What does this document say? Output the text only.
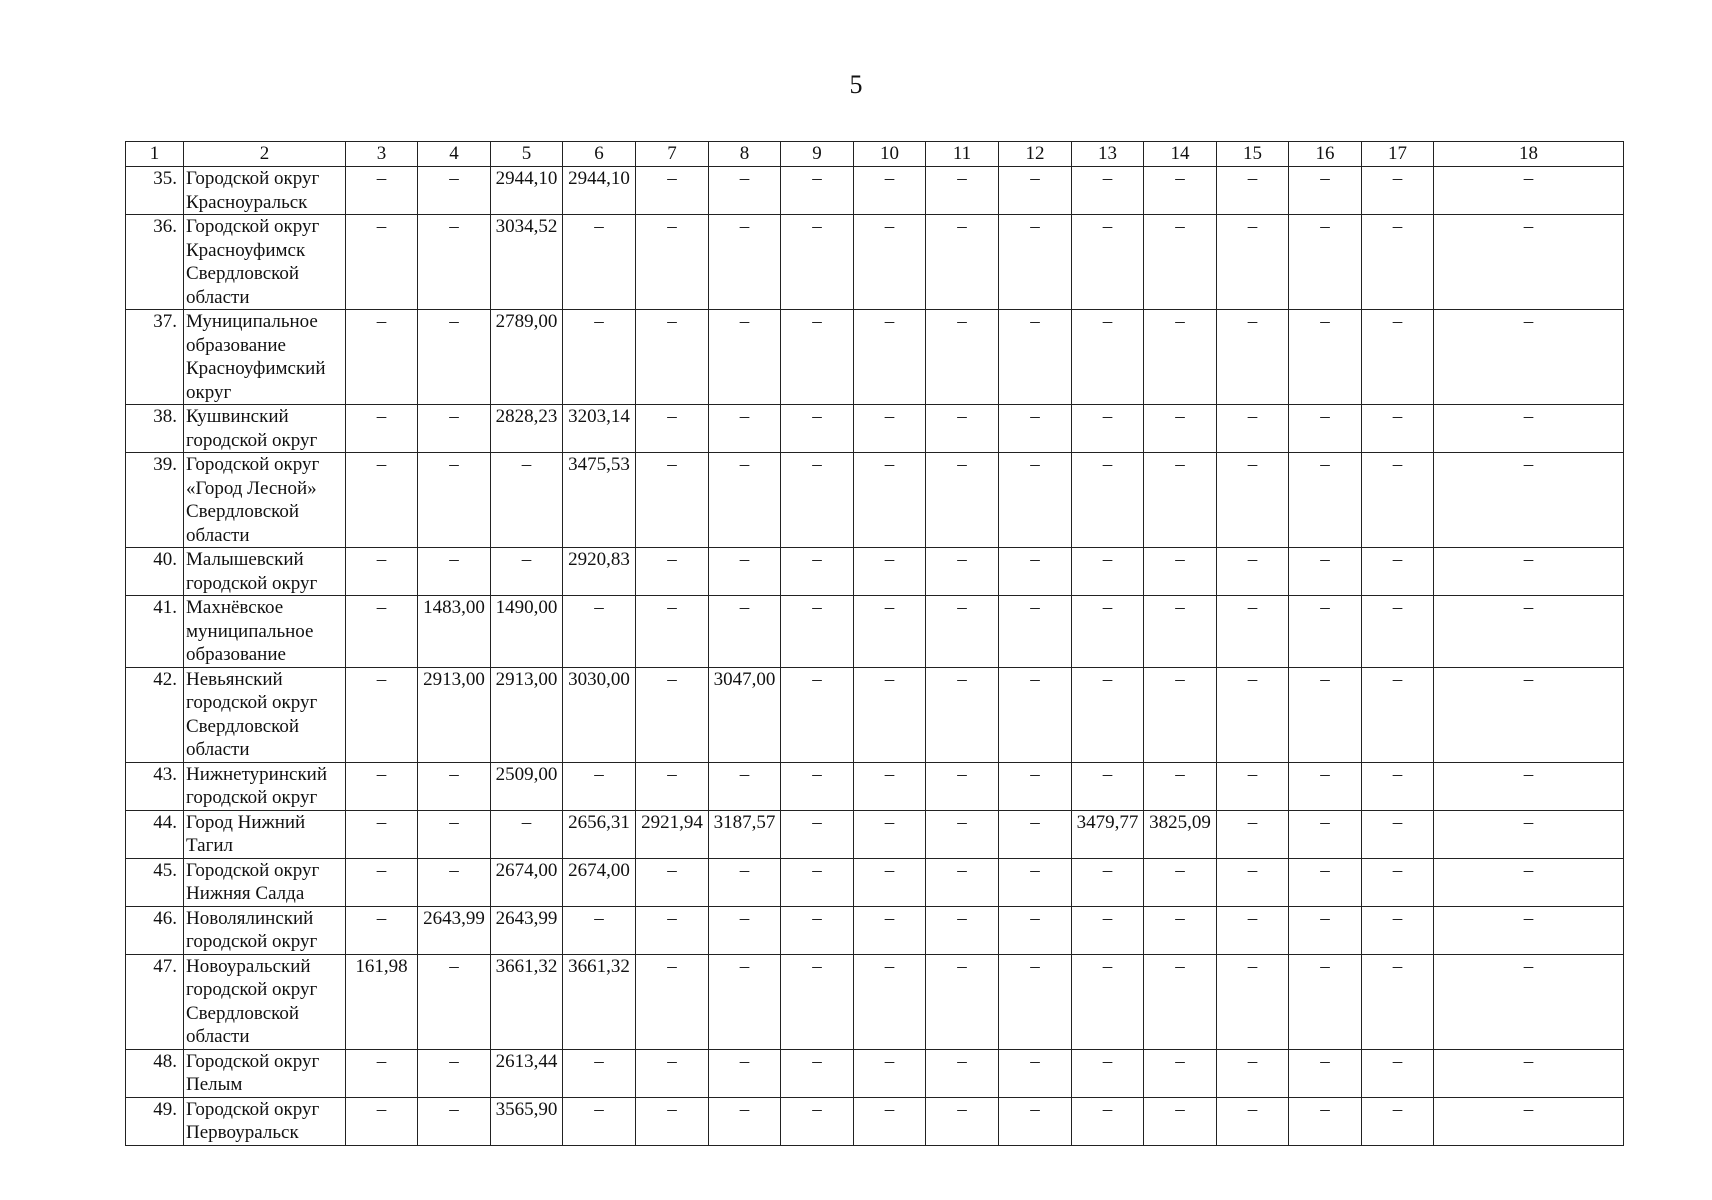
5
1	2	3	4	5	6	7	8	9	10	11	12	13	14	15	16	17	18
35.	Городской округ Красноуральск	–	–	2944,10	2944,10	–	–	–	–	–	–	–	–	–	–	–	–
36.	Городской округ Красноуфимск Свердловской области	–	–	3034,52	–	–	–	–	–	–	–	–	–	–	–	–	–
37.	Муниципальное образование Красноуфимский округ	–	–	2789,00	–	–	–	–	–	–	–	–	–	–	–	–	–
38.	Кушвинский городской округ	–	–	2828,23	3203,14	–	–	–	–	–	–	–	–	–	–	–	–
39.	Городской округ «Город Лесной» Свердловской области	–	–	–	3475,53	–	–	–	–	–	–	–	–	–	–	–	–
40.	Малышевский городской округ	–	–	–	2920,83	–	–	–	–	–	–	–	–	–	–	–	–
41.	Махнёвское муниципальное образование	–	1483,00	1490,00	–	–	–	–	–	–	–	–	–	–	–	–	–
42.	Невьянский городской округ Свердловской области	–	2913,00	2913,00	3030,00	–	3047,00	–	–	–	–	–	–	–	–	–	–
43.	Нижнетуринский городской округ	–	–	2509,00	–	–	–	–	–	–	–	–	–	–	–	–	–
44.	Город Нижний Тагил	–	–	–	2656,31	2921,94	3187,57	–	–	–	–	3479,77	3825,09	–	–	–	–
45.	Городской округ Нижняя Салда	–	–	2674,00	2674,00	–	–	–	–	–	–	–	–	–	–	–	–
46.	Новолялинский городской округ	–	2643,99	2643,99	–	–	–	–	–	–	–	–	–	–	–	–	–
47.	Новоуральский городской округ Свердловской области	161,98	–	3661,32	3661,32	–	–	–	–	–	–	–	–	–	–	–	–
48.	Городской округ Пелым	–	–	2613,44	–	–	–	–	–	–	–	–	–	–	–	–	–
49.	Городской округ Первоуральск	–	–	3565,90	–	–	–	–	–	–	–	–	–	–	–	–	–
